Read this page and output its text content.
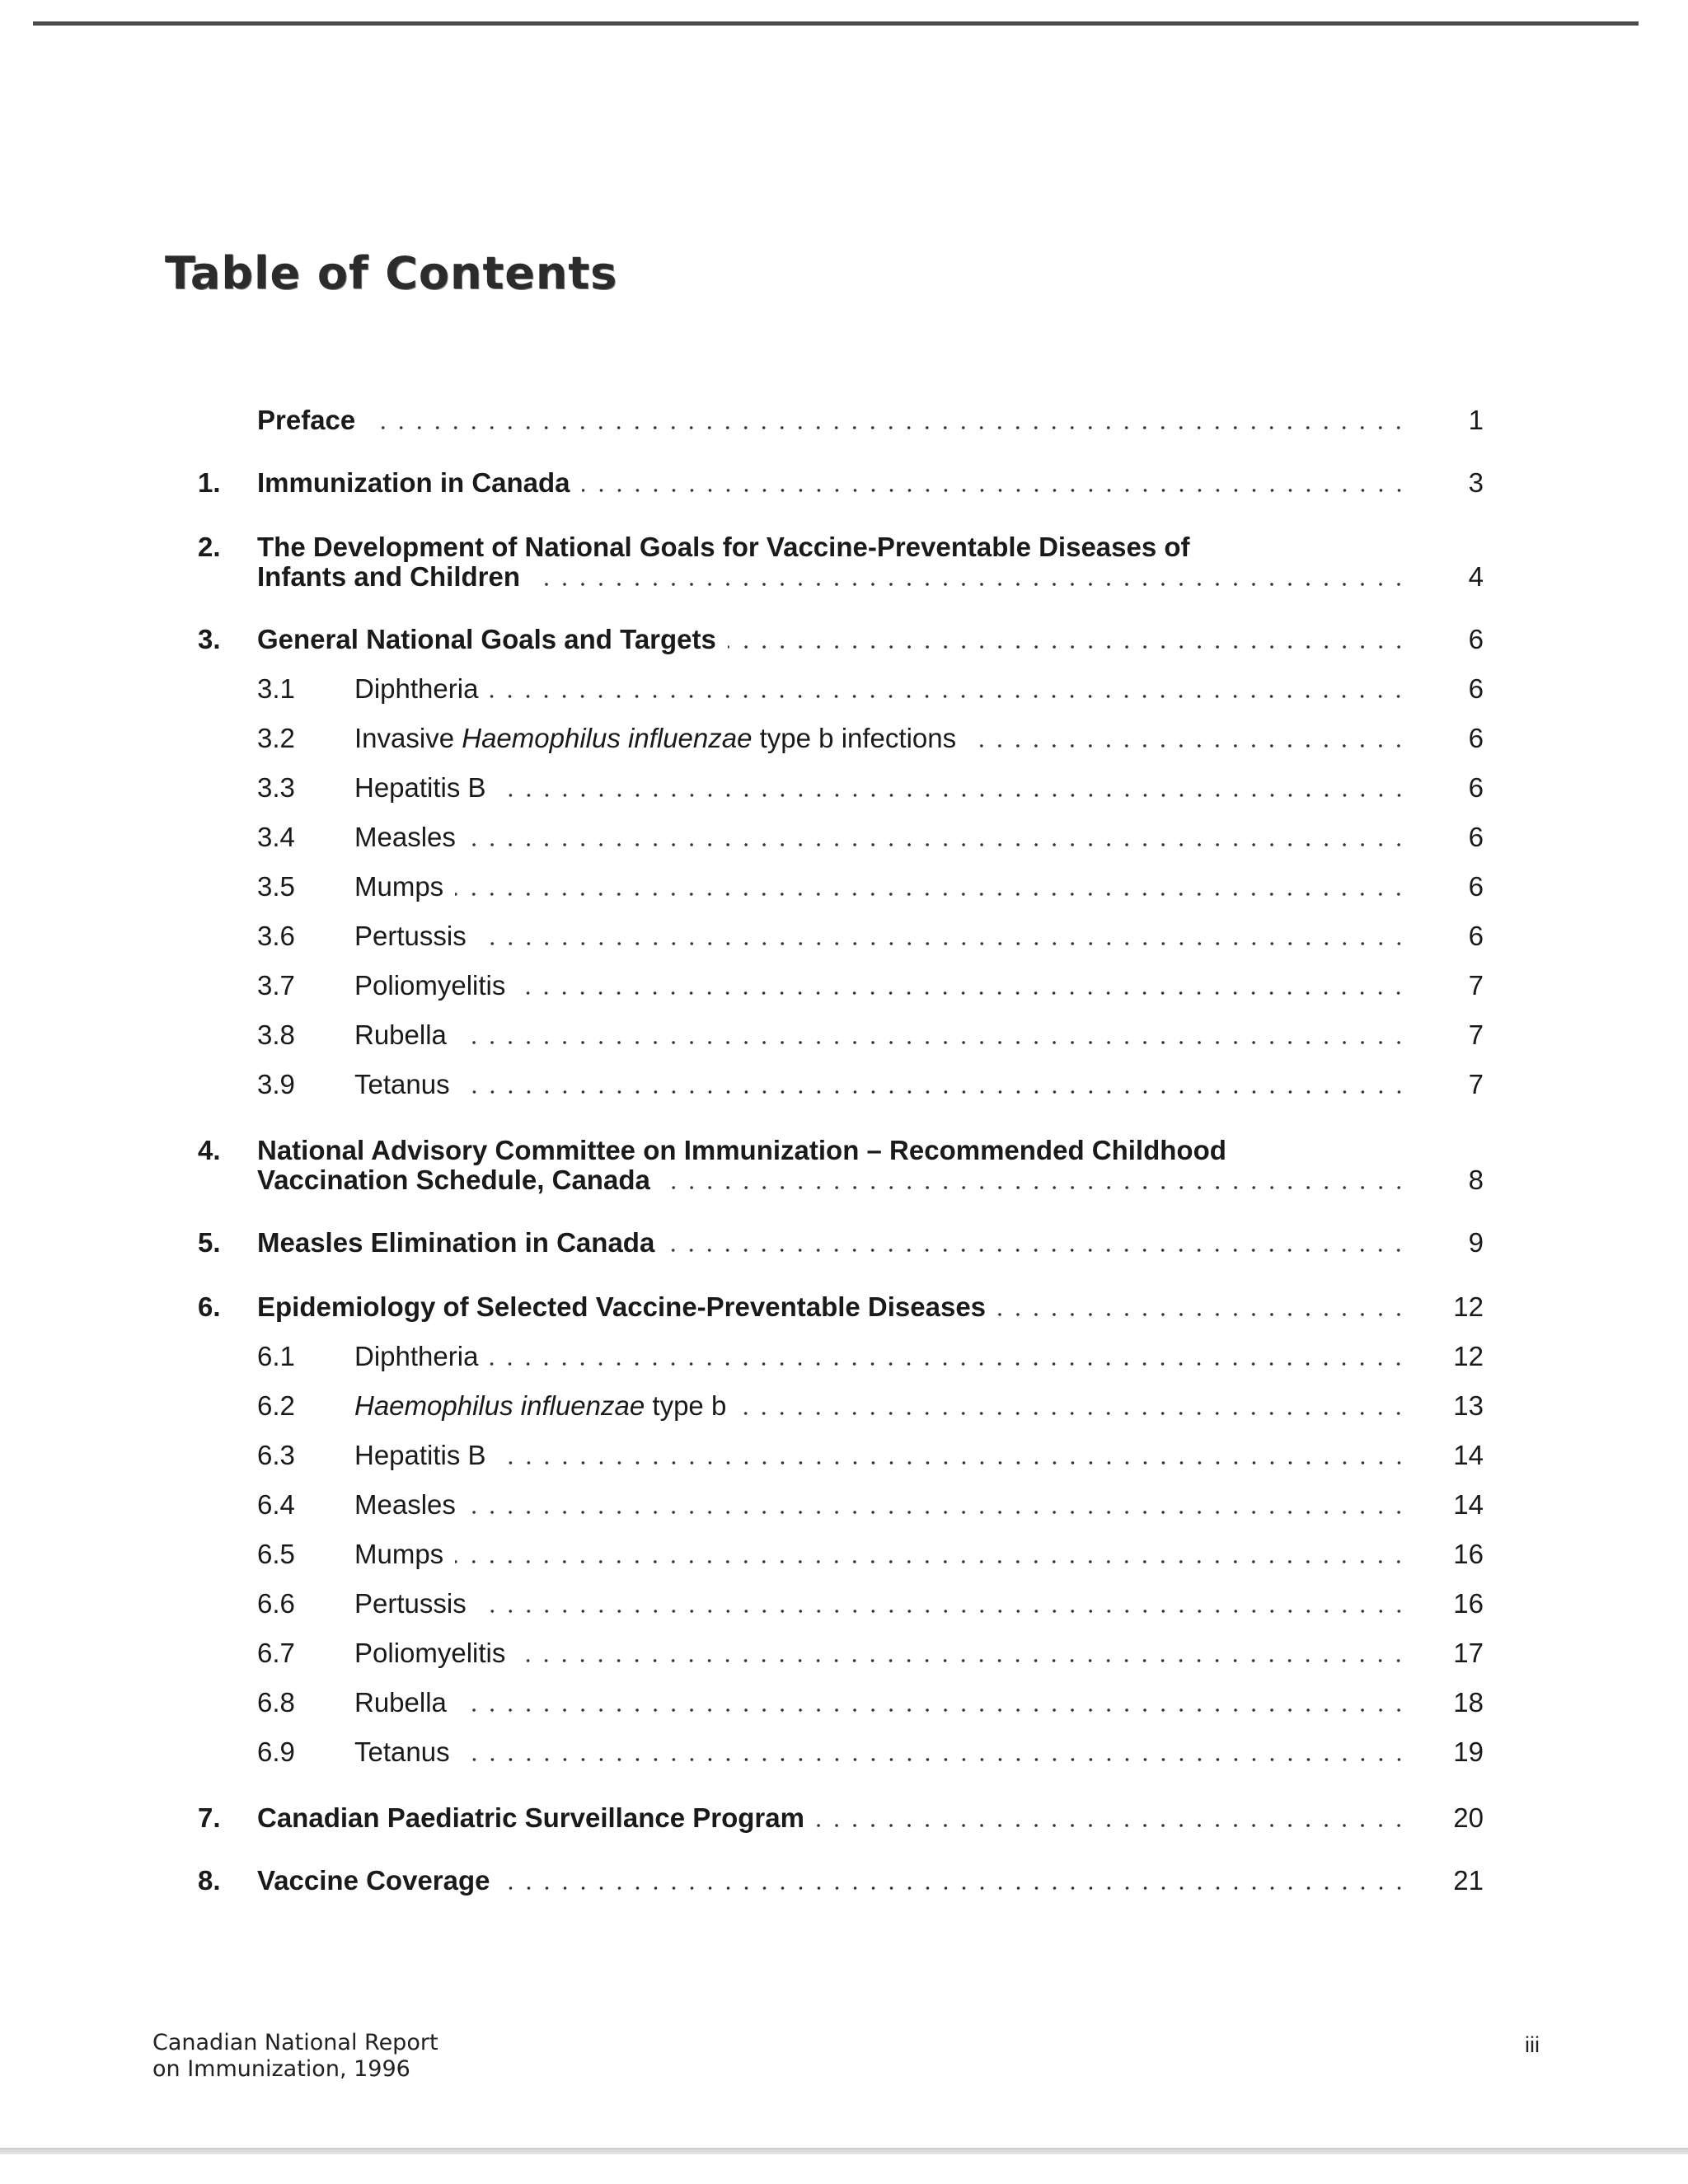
Table of Contents
Preface	1
1.	Immunization in Canada	3
2.	The Development of National Goals for Vaccine-Preventable Diseases of
Infants and Children	4
3.	General National Goals and Targets	6
3.1	Diphtheria	6
3.2	Invasive Haemophilus influenzae type b infections	6
3.3	Hepatitis B	6
3.4	Measles	6
3.5	Mumps	6
3.6	Pertussis	6
3.7	Poliomyelitis	7
3.8	Rubella	7
3.9	Tetanus	7
4.	National Advisory Committee on Immunization – Recommended Childhood
Vaccination Schedule, Canada	8
5.	Measles Elimination in Canada	9
6.	Epidemiology of Selected Vaccine-Preventable Diseases	12
6.1	Diphtheria	12
6.2	Haemophilus influenzae type b	13
6.3	Hepatitis B	14
6.4	Measles	14
6.5	Mumps	16
6.6	Pertussis	16
6.7	Poliomyelitis	17
6.8	Rubella	18
6.9	Tetanus	19
7.	Canadian Paediatric Surveillance Program	20
8.	Vaccine Coverage	21
Canadian National Report
on Immunization, 1996
iii
